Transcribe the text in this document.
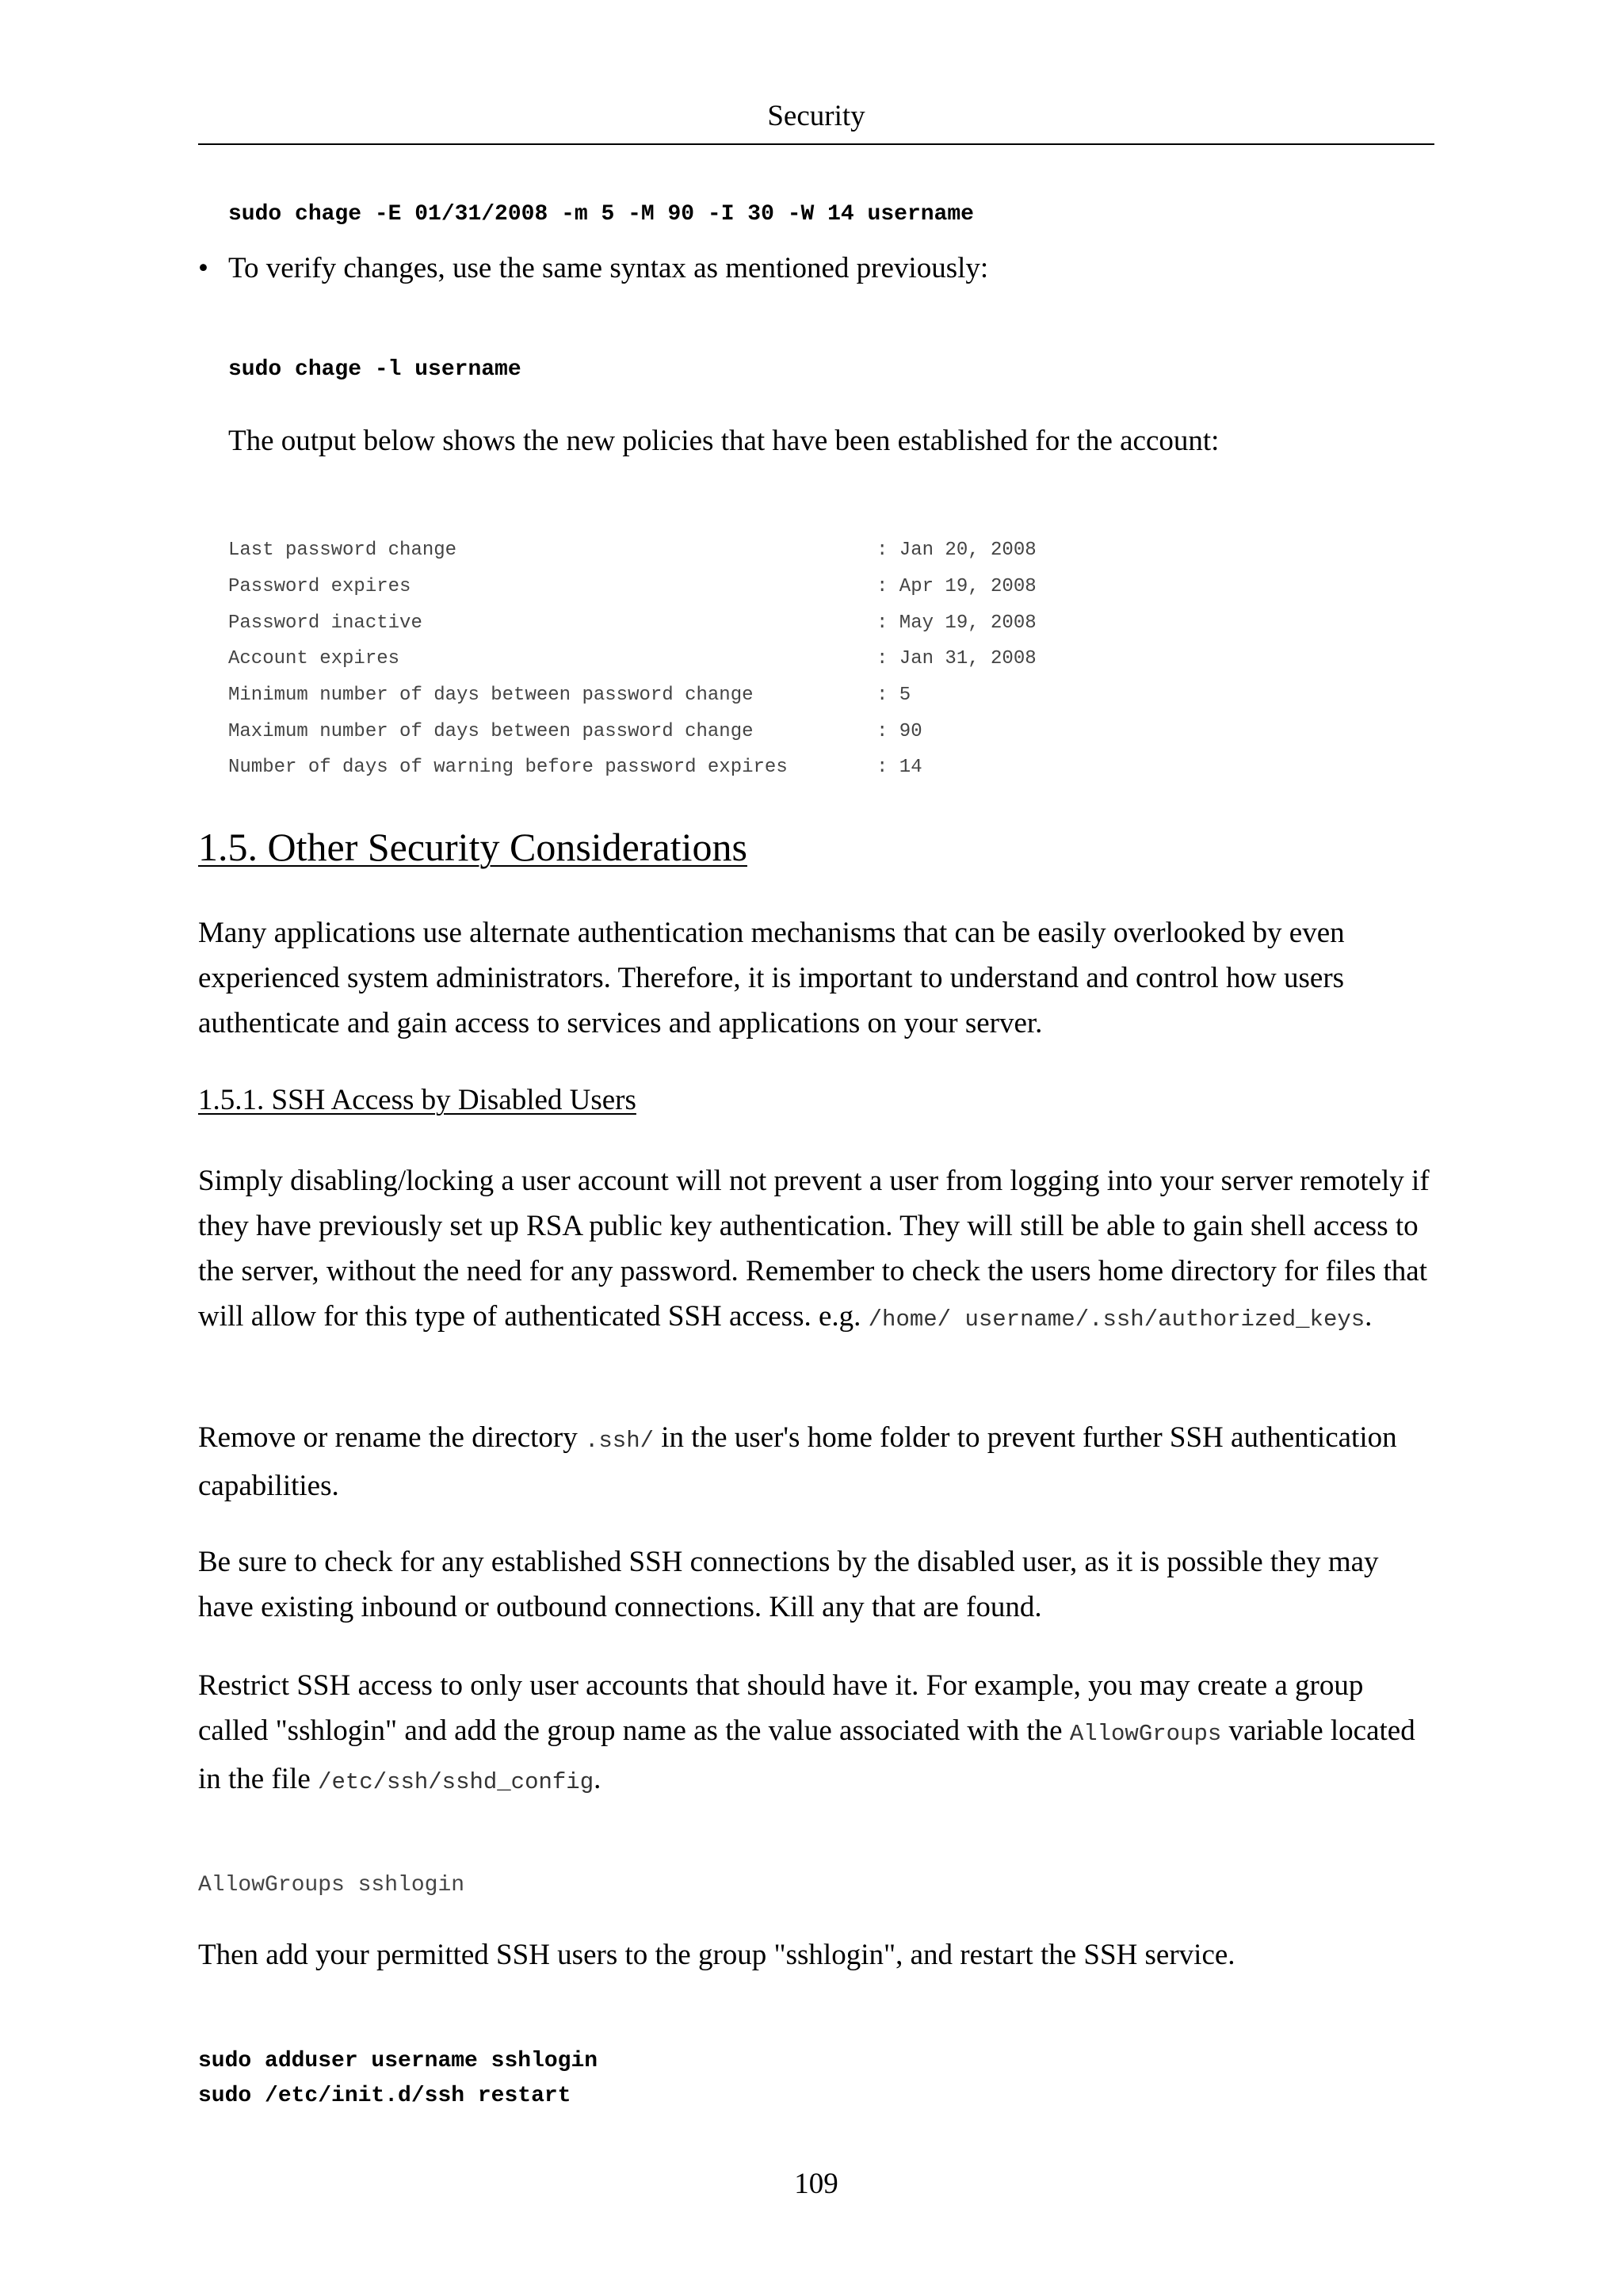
Security
sudo chage -E 01/31/2008 -m 5 -M 90 -I 30 -W 14 username
• To verify changes, use the same syntax as mentioned previously:
sudo chage -l username

The output below shows the new policies that have been established for the account:

Last password change	: Jan 20, 2008
Password expires	: Apr 19, 2008
Password inactive	: May 19, 2008
Account expires	: Jan 31, 2008
Minimum number of days between password change	: 5
Maximum number of days between password change	: 90
Number of days of warning before password expires	: 14
1.5. Other Security Considerations

Many applications use alternate authentication mechanisms that can be easily overlooked by even experienced system administrators. Therefore, it is important to understand and control how users authenticate and gain access to services and applications on your server.

1.5.1. SSH Access by Disabled Users

Simply disabling/locking a user account will not prevent a user from logging into your server remotely if they have previously set up RSA public key authentication. They will still be able to gain shell access to the server, without the need for any password. Remember to check the users home directory for files that will allow for this type of authenticated SSH access. e.g. /home/ username/.ssh/authorized_keys.

Remove or rename the directory .ssh/ in the user's home folder to prevent further SSH authentication capabilities.

Be sure to check for any established SSH connections by the disabled user, as it is possible they may have existing inbound or outbound connections. Kill any that are found.

Restrict SSH access to only user accounts that should have it. For example, you may create a group called "sshlogin" and add the group name as the value associated with the AllowGroups variable located in the file /etc/ssh/sshd_config.

AllowGroups sshlogin

Then add your permitted SSH users to the group "sshlogin", and restart the SSH service.

sudo adduser username sshlogin
sudo /etc/init.d/ssh restart
109
